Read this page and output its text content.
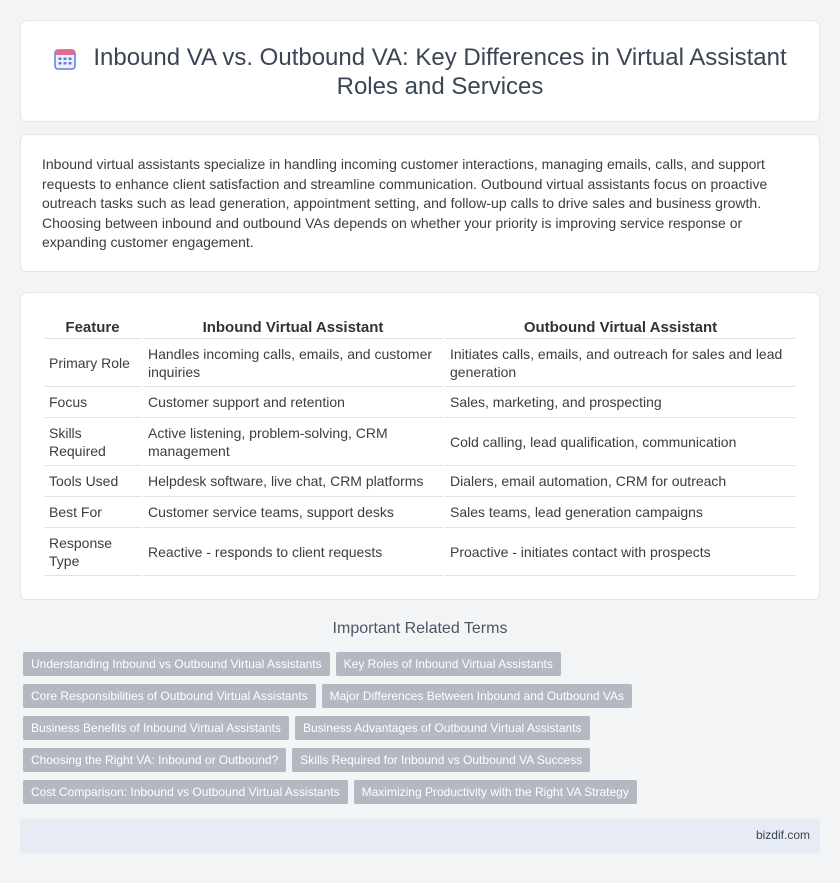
Inbound VA vs. Outbound VA: Key Differences in Virtual Assistant Roles and Services

Inbound virtual assistants specialize in handling incoming customer interactions, managing emails, calls, and support requests to enhance client satisfaction and streamline communication. Outbound virtual assistants focus on proactive outreach tasks such as lead generation, appointment setting, and follow-up calls to drive sales and business growth. Choosing between inbound and outbound VAs depends on whether your priority is improving service response or expanding customer engagement.

Feature	Inbound Virtual Assistant	Outbound Virtual Assistant
Primary Role	Handles incoming calls, emails, and customer inquiries	Initiates calls, emails, and outreach for sales and lead generation
Focus	Customer support and retention	Sales, marketing, and prospecting
Skills Required	Active listening, problem-solving, CRM management	Cold calling, lead qualification, communication
Tools Used	Helpdesk software, live chat, CRM platforms	Dialers, email automation, CRM for outreach
Best For	Customer service teams, support desks	Sales teams, lead generation campaigns
Response Type	Reactive - responds to client requests	Proactive - initiates contact with prospects
Important Related Terms
Understanding Inbound vs Outbound Virtual Assistants	Key Roles of Inbound Virtual Assistants
Core Responsibilities of Outbound Virtual Assistants	Major Differences Between Inbound and Outbound VAs
Business Benefits of Inbound Virtual Assistants	Business Advantages of Outbound Virtual Assistants
Choosing the Right VA: Inbound or Outbound?	Skills Required for Inbound vs Outbound VA Success
Cost Comparison: Inbound vs Outbound Virtual Assistants	Maximizing Productivity with the Right VA Strategy
bizdif.com
